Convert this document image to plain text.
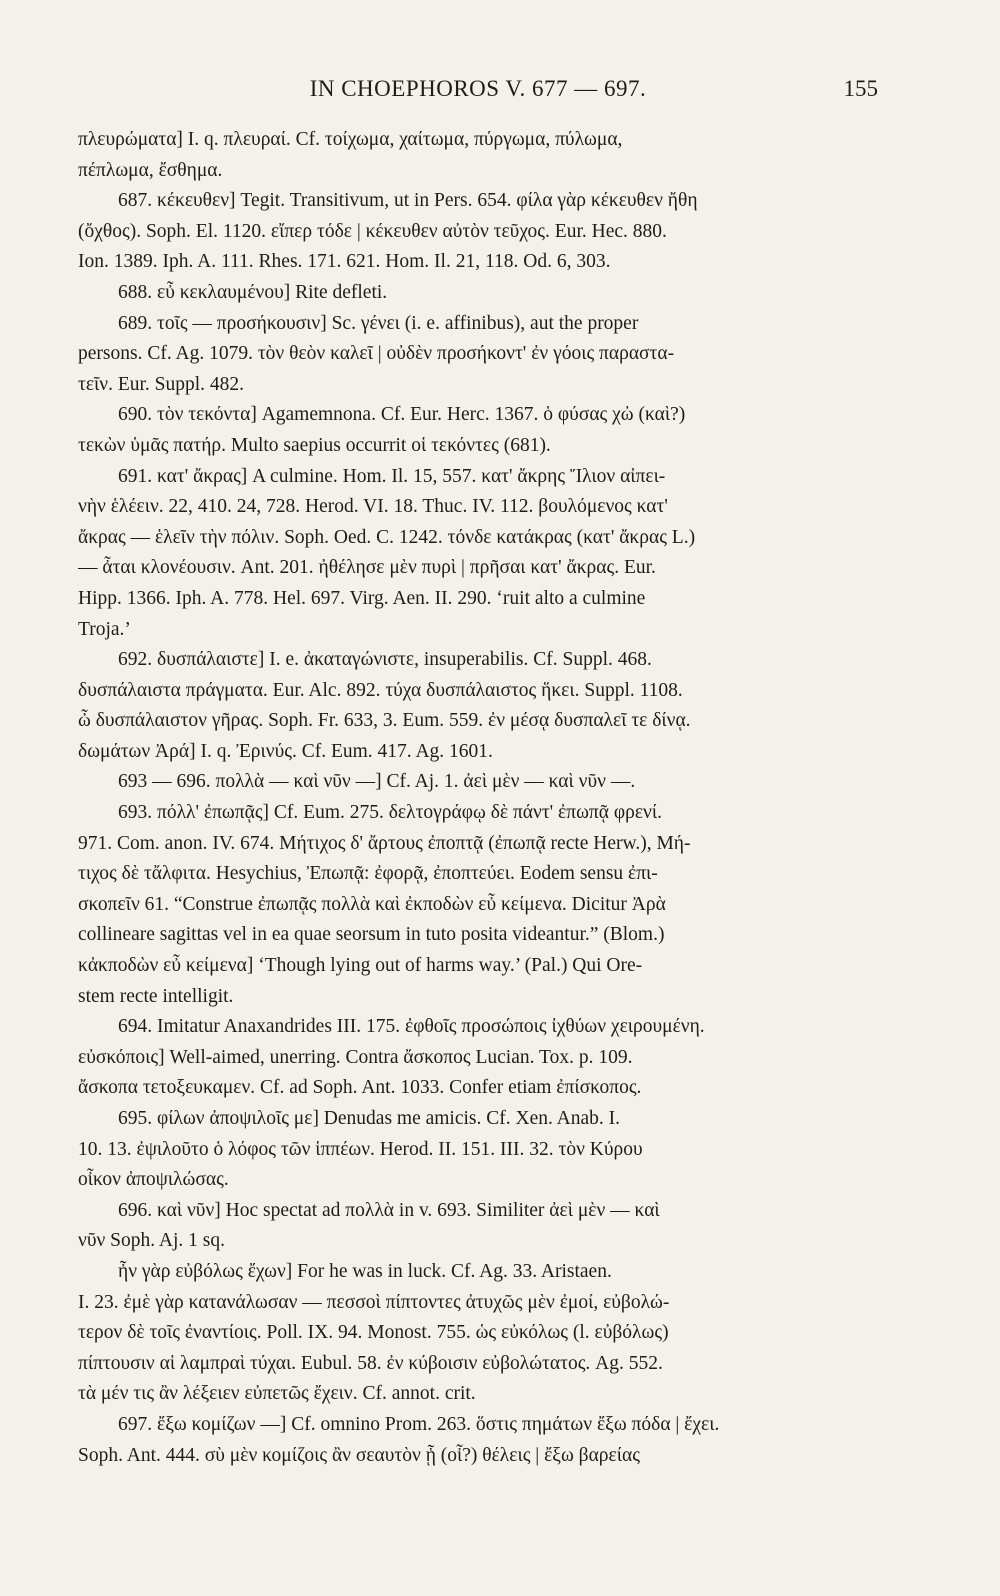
IN CHOEPHOROS V. 677 — 697.	155
πλευρώματα] I. q. πλευραί. Cf. τοίχωμα, χαίτωμα, πύργωμα, πύλωμα,
πέπλωμα, ἔσθημα.
687. κέκευθεν] Tegit. Transitivum, ut in Pers. 654. φίλα γὰρ κέκευθεν ἤθη
(ὄχθος). Soph. El. 1120. εἴπερ τόδε | κέκευθεν αὐτὸν τεῦχος. Eur. Hec. 880.
Ion. 1389. Iph. A. 111. Rhes. 171. 621. Hom. Il. 21, 118. Od. 6, 303.
688. εὖ κεκλαυμένου] Rite defleti.
689. τοῖς — προσήκουσιν] Sc. γένει (i. e. affinibus), aut the proper
persons. Cf. Ag. 1079. τὸν θεὸν καλεῖ | οὐδὲν προσήκοντ' ἐν γόοις παραστα-
τεῖν. Eur. Suppl. 482.
690. τὸν τεκόντα] Agamemnona. Cf. Eur. Herc. 1367. ὁ φύσας χὠ (καὶ?)
τεκὼν ὑμᾶς πατήρ. Multo saepius occurrit οἱ τεκόντες (681).
691. κατ' ἄκρας] A culmine. Hom. Il. 15, 557. κατ' ἄκρης Ἴλιον αἰπει-
νὴν ἑλέειν. 22, 410. 24, 728. Herod. VI. 18. Thuc. IV. 112. βουλόμενος κατ'
ἄκρας — ἑλεῖν τὴν πόλιν. Soph. Oed. C. 1242. τόνδε κατάκρας (κατ' ἄκρας L.)
— ἆται κλονέουσιν. Ant. 201. ἠθέλησε μὲν πυρὶ | πρῆσαι κατ' ἄκρας. Eur.
Hipp. 1366. Iph. A. 778. Hel. 697. Virg. Aen. II. 290. ‘ruit alto a culmine
Troja.’
692. δυσπάλαιστε] I. e. ἀκαταγώνιστε, insuperabilis. Cf. Suppl. 468.
δυσπάλαιστα πράγματα. Eur. Alc. 892. τύχα δυσπάλαιστος ἥκει. Suppl. 1108.
ὦ δυσπάλαιστον γῆρας. Soph. Fr. 633, 3. Eum. 559. ἐν μέσᾳ δυσπαλεῖ τε δίνᾳ.
δωμάτων Ἀρά] I. q. Ἐρινύς. Cf. Eum. 417. Ag. 1601.
693 — 696. πολλὰ — καὶ νῦν —] Cf. Aj. 1. ἀεὶ μὲν — καὶ νῦν —.
693. πόλλ' ἐπωπᾷς] Cf. Eum. 275. δελτογράφῳ δὲ πάντ' ἐπωπᾷ φρενί.
971. Com. anon. IV. 674. Μήτιχος δ' ἄρτους ἐποπτᾷ (ἐπωπᾷ recte Herw.), Μή-
τιχος δὲ τἄλφιτα. Hesychius, Ἐπωπᾷ: ἐφορᾷ, ἐποπτεύει. Eodem sensu ἐπι-
σκοπεῖν 61. “Construe ἐπωπᾷς πολλὰ καὶ ἐκποδὼν εὖ κείμενα. Dicitur Ἀρὰ
collineare sagittas vel in ea quae seorsum in tuto posita videantur.” (Blom.)
κἀκποδὼν εὖ κείμενα] ‘Though lying out of harms way.’ (Pal.) Qui Ore-
stem recte intelligit.
694. Imitatur Anaxandrides III. 175. ἐφθοῖς προσώποις ἰχθύων χειρουμένη.
εὐσκόποις] Well-aimed, unerring. Contra ἄσκοπος Lucian. Tox. p. 109.
ἄσκοπα τετοξευκαμεν. Cf. ad Soph. Ant. 1033. Confer etiam ἐπίσκοπος.
695. φίλων ἀποψιλοῖς με] Denudas me amicis. Cf. Xen. Anab. I.
10. 13. ἐψιλοῦτο ὁ λόφος τῶν ἱππέων. Herod. II. 151. III. 32. τὸν Κύρου
οἶκον ἀποψιλώσας.
696. καὶ νῦν] Hoc spectat ad πολλὰ in v. 693. Similiter ἀεὶ μὲν — καὶ
νῦν Soph. Aj. 1 sq.
ἦν γὰρ εὐβόλως ἔχων] For he was in luck. Cf. Ag. 33. Aristaen.
I. 23. ἐμὲ γὰρ κατανάλωσαν — πεσσοὶ πίπτοντες ἀτυχῶς μὲν ἐμοί, εὐβολώ-
τερον δὲ τοῖς ἐναντίοις. Poll. IX. 94. Monost. 755. ὡς εὐκόλως (l. εὐβόλως)
πίπτουσιν αἱ λαμπραὶ τύχαι. Eubul. 58. ἐν κύβοισιν εὐβολώτατος. Ag. 552.
τὰ μέν τις ἂν λέξειεν εὐπετῶς ἔχειν. Cf. annot. crit.
697. ἔξω κομίζων —] Cf. omnino Prom. 263. ὅστις πημάτων ἔξω πόδα | ἔχει.
Soph. Ant. 444. σὺ μὲν κομίζοις ἂν σεαυτὸν ᾗ (οἷ?) θέλεις | ἔξω βαρείας
